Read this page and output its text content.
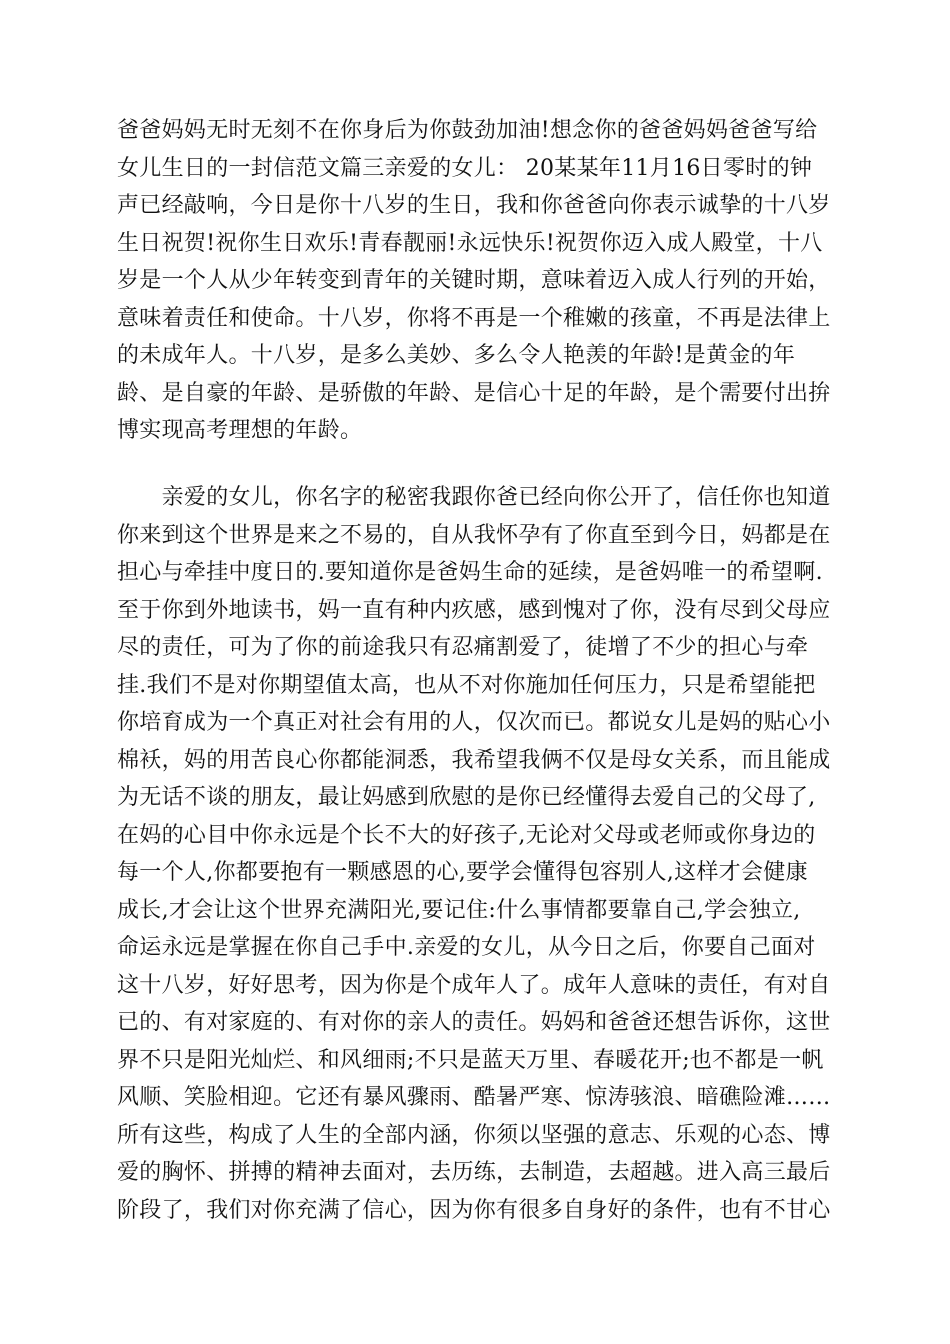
爸爸妈妈无时无刻不在你身后为你鼓劲加油!想念你的爸爸妈妈爸爸写给
女儿生日的一封信范文篇三亲爱的女儿： 20某某年11月16日零时的钟
声已经敲响，今日是你十八岁的生日，我和你爸爸向你表示诚挚的十八岁
生日祝贺!祝你生日欢乐!青春靓丽!永远快乐!祝贺你迈入成人殿堂，十八
岁是一个人从少年转变到青年的关键时期，意味着迈入成人行列的开始，
意味着责任和使命。十八岁，你将不再是一个稚嫩的孩童，不再是法律上
的未成年人。十八岁，是多么美妙、多么令人艳羡的年龄!是黄金的年
龄、是自豪的年龄、是骄傲的年龄、是信心十足的年龄，是个需要付出拚
博实现高考理想的年龄。
　　亲爱的女儿，你名字的秘密我跟你爸已经向你公开了，信任你也知道
你来到这个世界是来之不易的，自从我怀孕有了你直至到今日，妈都是在
担心与牵挂中度日的.要知道你是爸妈生命的延续，是爸妈唯一的希望啊.
至于你到外地读书，妈一直有种内疚感，感到愧对了你，没有尽到父母应
尽的责任，可为了你的前途我只有忍痛割爱了，徒增了不少的担心与牵
挂.我们不是对你期望值太高，也从不对你施加任何压力，只是希望能把
你培育成为一个真正对社会有用的人，仅次而已。都说女儿是妈的贴心小
棉袄，妈的用苦良心你都能洞悉，我希望我俩不仅是母女关系，而且能成
为无话不谈的朋友，最让妈感到欣慰的是你已经懂得去爱自己的父母了,
在妈的心目中你永远是个长不大的好孩子,无论对父母或老师或你身边的
每一个人,你都要抱有一颗感恩的心,要学会懂得包容别人,这样才会健康
成长,才会让这个世界充满阳光,要记住:什么事情都要靠自己,学会独立,
命运永远是掌握在你自己手中.亲爱的女儿，从今日之后，你要自己面对
这十八岁，好好思考，因为你是个成年人了。成年人意味的责任，有对自
已的、有对家庭的、有对你的亲人的责任。妈妈和爸爸还想告诉你，这世
界不只是阳光灿烂、和风细雨;不只是蓝天万里、春暖花开;也不都是一帆
风顺、笑脸相迎。它还有暴风骤雨、酷暑严寒、惊涛骇浪、暗礁险滩……
所有这些，构成了人生的全部内涵，你须以坚强的意志、乐观的心态、博
爱的胸怀、拼搏的精神去面对，去历练，去制造，去超越。进入高三最后
阶段了，我们对你充满了信心，因为你有很多自身好的条件，也有不甘心
